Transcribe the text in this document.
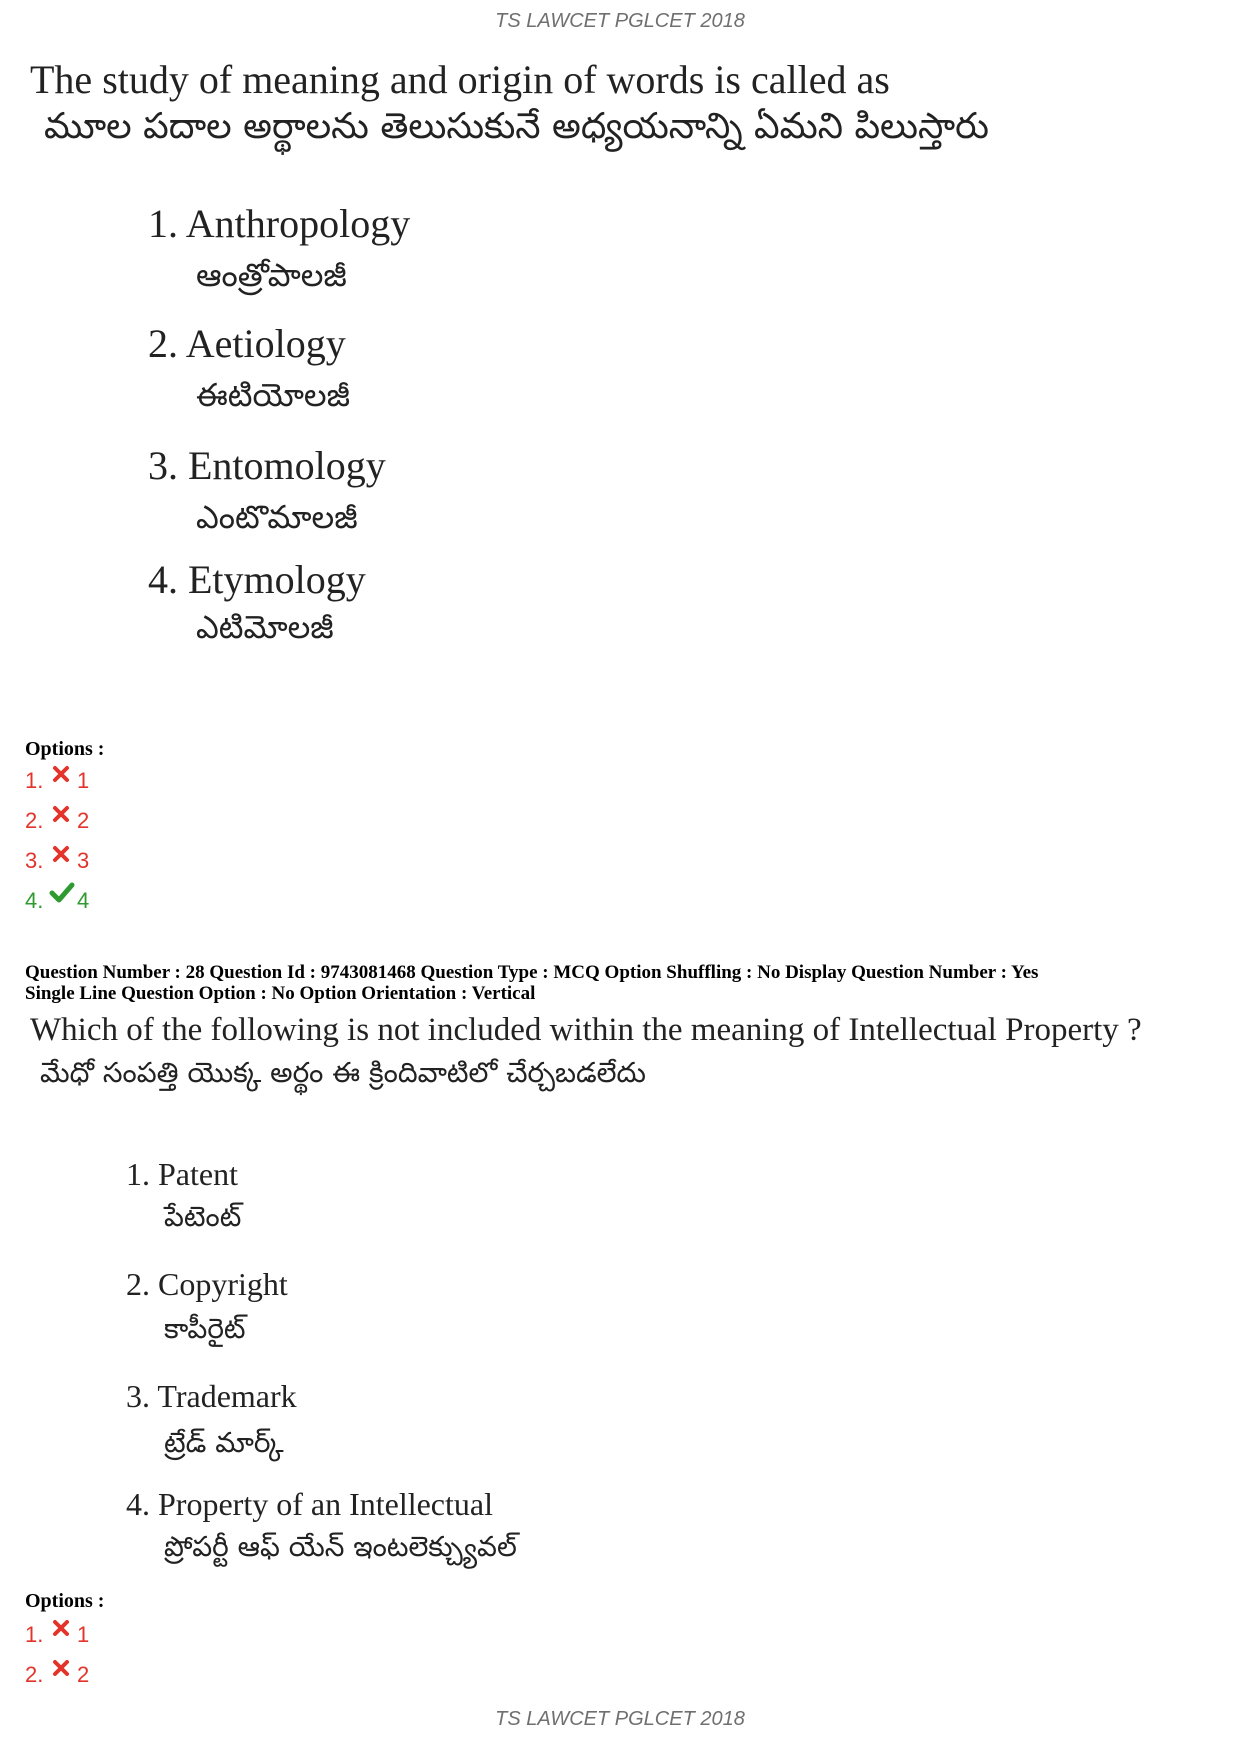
TS LAWCET PGLCET 2018
The study of meaning and origin of words is called as
మూల పదాల అర్థాలను తెలుసుకునే అధ్యయనాన్ని ఏమని పిలుస్తారు
1. Anthropology
ఆంత్రోపాలజీ
2. Aetiology
ఈటియోలజీ
3. Entomology
ఎంటొమాలజీ
4. Etymology
ఎటిమోలజీ
Options :
1. 1
2. 2
3. 3
4. 4
Question Number : 28 Question Id : 9743081468 Question Type : MCQ Option Shuffling : No Display Question Number : Yes
Single Line Question Option : No Option Orientation : Vertical
Which of the following is not included within the meaning of Intellectual Property ?
మేధో సంపత్తి యొక్క అర్థం ఈ క్రిందివాటిలో చేర్చబడలేదు
1. Patent
పేటెంట్
2. Copyright
కాపీరైట్
3. Trademark
ట్రేడ్ మార్క్
4. Property of an Intellectual
ప్రోపర్టీ ఆఫ్ యేన్ ఇంటలెక్చ్యువల్
Options :
1. 1
2. 2
TS LAWCET PGLCET 2018
